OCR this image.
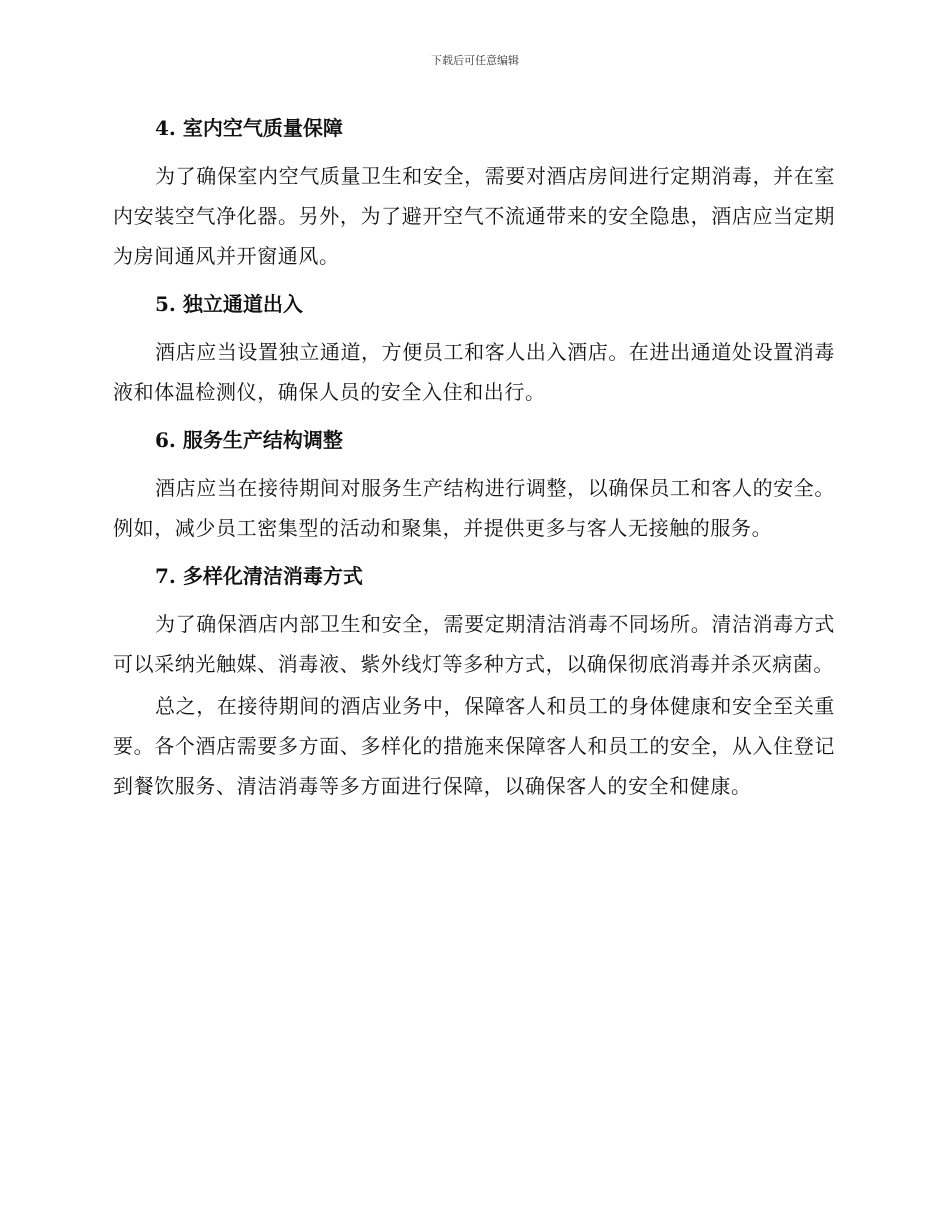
下载后可任意编辑
4. 室内空气质量保障

为了确保室内空气质量卫生和安全，需要对酒店房间进行定期消毒，并在室内安装空气净化器。另外，为了避开空气不流通带来的安全隐患，酒店应当定期为房间通风并开窗通风。

5. 独立通道出入

酒店应当设置独立通道，方便员工和客人出入酒店。在进出通道处设置消毒液和体温检测仪，确保人员的安全入住和出行。

6. 服务生产结构调整

酒店应当在接待期间对服务生产结构进行调整，以确保员工和客人的安全。例如，减少员工密集型的活动和聚集，并提供更多与客人无接触的服务。

7. 多样化清洁消毒方式

为了确保酒店内部卫生和安全，需要定期清洁消毒不同场所。清洁消毒方式可以采纳光触媒、消毒液、紫外线灯等多种方式，以确保彻底消毒并杀灭病菌。

总之，在接待期间的酒店业务中，保障客人和员工的身体健康和安全至关重要。各个酒店需要多方面、多样化的措施来保障客人和员工的安全，从入住登记到餐饮服务、清洁消毒等多方面进行保障，以确保客人的安全和健康。
